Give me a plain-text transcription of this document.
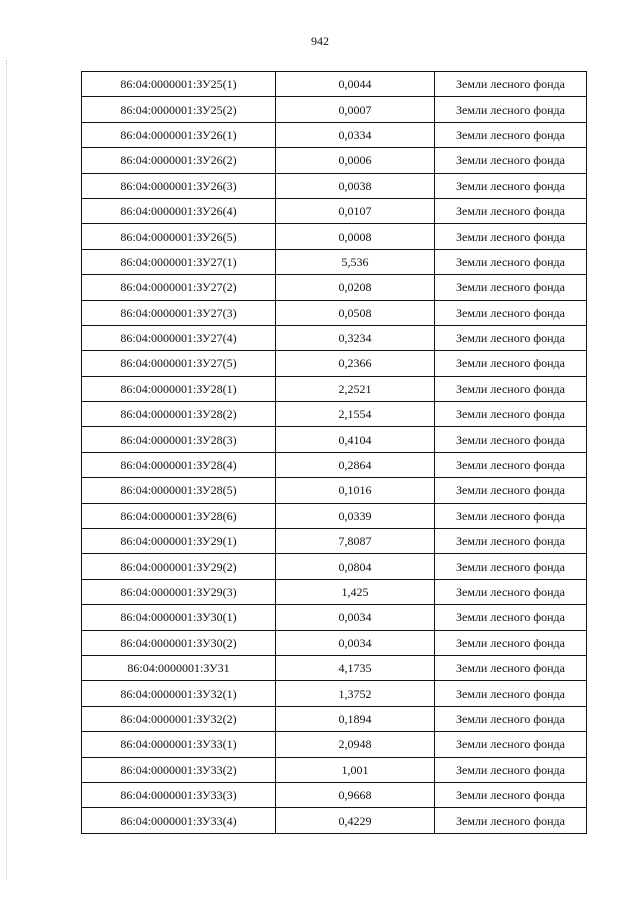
942
86:04:0000001:ЗУ25(1)	0,0044	Земли лесного фонда
86:04:0000001:ЗУ25(2)	0,0007	Земли лесного фонда
86:04:0000001:ЗУ26(1)	0,0334	Земли лесного фонда
86:04:0000001:ЗУ26(2)	0,0006	Земли лесного фонда
86:04:0000001:ЗУ26(3)	0,0038	Земли лесного фонда
86:04:0000001:ЗУ26(4)	0,0107	Земли лесного фонда
86:04:0000001:ЗУ26(5)	0,0008	Земли лесного фонда
86:04:0000001:ЗУ27(1)	5,536	Земли лесного фонда
86:04:0000001:ЗУ27(2)	0,0208	Земли лесного фонда
86:04:0000001:ЗУ27(3)	0,0508	Земли лесного фонда
86:04:0000001:ЗУ27(4)	0,3234	Земли лесного фонда
86:04:0000001:ЗУ27(5)	0,2366	Земли лесного фонда
86:04:0000001:ЗУ28(1)	2,2521	Земли лесного фонда
86:04:0000001:ЗУ28(2)	2,1554	Земли лесного фонда
86:04:0000001:ЗУ28(3)	0,4104	Земли лесного фонда
86:04:0000001:ЗУ28(4)	0,2864	Земли лесного фонда
86:04:0000001:ЗУ28(5)	0,1016	Земли лесного фонда
86:04:0000001:ЗУ28(6)	0,0339	Земли лесного фонда
86:04:0000001:ЗУ29(1)	7,8087	Земли лесного фонда
86:04:0000001:ЗУ29(2)	0,0804	Земли лесного фонда
86:04:0000001:ЗУ29(3)	1,425	Земли лесного фонда
86:04:0000001:ЗУ30(1)	0,0034	Земли лесного фонда
86:04:0000001:ЗУ30(2)	0,0034	Земли лесного фонда
86:04:0000001:ЗУ31	4,1735	Земли лесного фонда
86:04:0000001:ЗУ32(1)	1,3752	Земли лесного фонда
86:04:0000001:ЗУ32(2)	0,1894	Земли лесного фонда
86:04:0000001:ЗУ33(1)	2,0948	Земли лесного фонда
86:04:0000001:ЗУ33(2)	1,001	Земли лесного фонда
86:04:0000001:ЗУ33(3)	0,9668	Земли лесного фонда
86:04:0000001:ЗУ33(4)	0,4229	Земли лесного фонда
